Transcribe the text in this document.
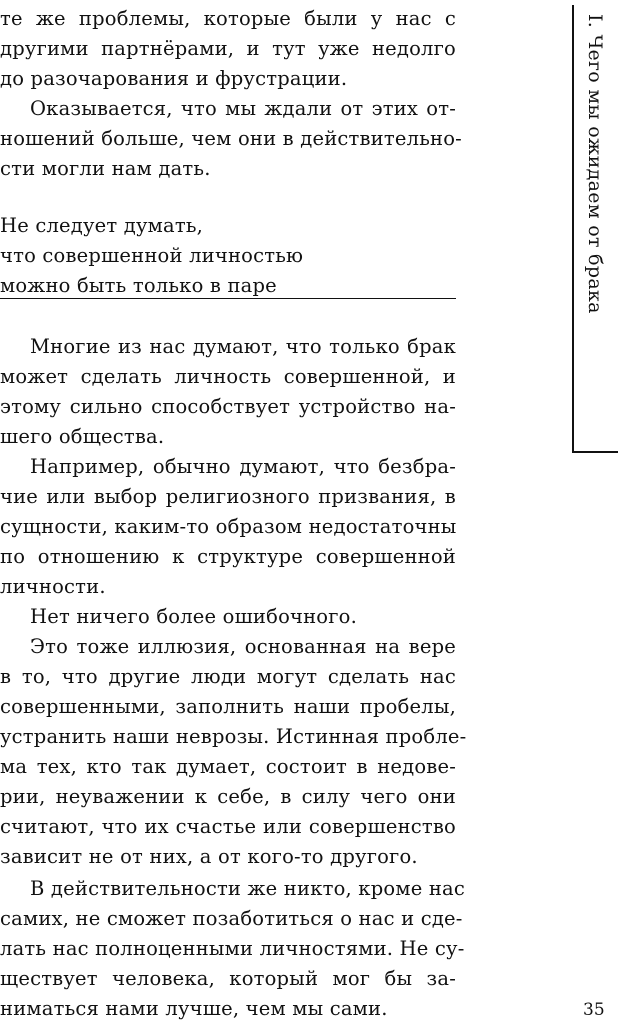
те же проблемы, которые были у нас с
другими партнёрами, и тут уже недолго
до разочарования и фрустрации.
Оказывается, что мы ждали от этих от-
ношений больше, чем они в действительно-
сти могли нам дать.
Не следует думать,
что совершенной личностью
можно быть только в паре
Многие из нас думают, что только брак
может сделать личность совершенной, и
этому сильно способствует устройство на-
шего общества.
Например, обычно думают, что безбра-
чие или выбор религиозного призвания, в
сущности, каким-то образом недостаточны
по отношению к структуре совершенной
личности.
Нет ничего более ошибочного.
Это тоже иллюзия, основанная на вере
в то, что другие люди могут сделать нас
совершенными, заполнить наши пробелы,
устранить наши неврозы. Истинная пробле-
ма тех, кто так думает, состоит в недове-
рии, неуважении к себе, в силу чего они
считают, что их счастье или совершенство
зависит не от них, а от кого-то другого.
В действительности же никто, кроме нас
самих, не сможет позаботиться о нас и сде-
лать нас полноценными личностями. Не су-
ществует человека, который мог бы за-
ниматься нами лучше, чем мы сами.
I. Чего мы ожидаем от брака
35
